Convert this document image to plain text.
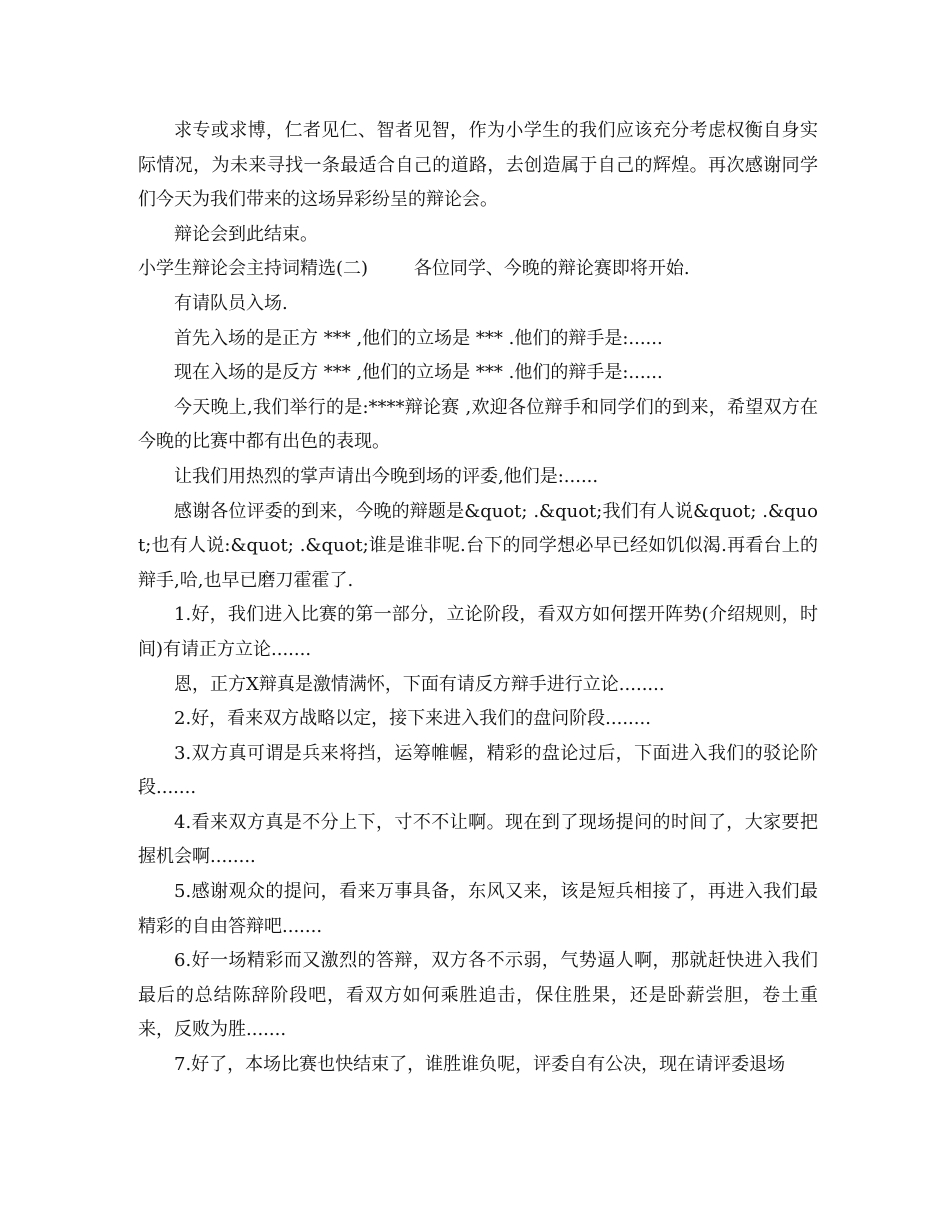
求专或求博，仁者见仁、智者见智，作为小学生的我们应该充分考虑权衡自身实际情况，为未来寻找一条最适合自己的道路，去创造属于自己的辉煌。再次感谢同学们今天为我们带来的这场异彩纷呈的辩论会。

辩论会到此结束。

小学生辩论会主持词精选(二)	各位同学、今晚的辩论赛即将开始.

有请队员入场.

首先入场的是正方 *** ,他们的立场是 *** .他们的辩手是:......

现在入场的是反方 *** ,他们的立场是 *** .他们的辩手是:......

今天晚上,我们举行的是:****辩论赛 ,欢迎各位辩手和同学们的到来，希望双方在今晚的比赛中都有出色的表现。

让我们用热烈的掌声请出今晚到场的评委,他们是:......

感谢各位评委的到来，今晚的辩题是&quot; .&quot;我们有人说&quot; .&quot;也有人说:&quot; .&quot;谁是谁非呢.台下的同学想必早已经如饥似渴.再看台上的辩手,哈,也早已磨刀霍霍了.

1.好，我们进入比赛的第一部分，立论阶段，看双方如何摆开阵势(介绍规则，时间)有请正方立论.......

恩，正方X辩真是激情满怀，下面有请反方辩手进行立论........

2.好，看来双方战略以定，接下来进入我们的盘问阶段........

3.双方真可谓是兵来将挡，运筹帷幄，精彩的盘论过后，下面进入我们的驳论阶段.......

4.看来双方真是不分上下，寸不不让啊。现在到了现场提问的时间了，大家要把握机会啊........

5.感谢观众的提问，看来万事具备，东风又来，该是短兵相接了，再进入我们最精彩的自由答辩吧.......

6.好一场精彩而又激烈的答辩，双方各不示弱，气势逼人啊，那就赶快进入我们最后的总结陈辞阶段吧，看双方如何乘胜追击，保住胜果，还是卧薪尝胆，卷土重来，反败为胜.......

7.好了，本场比赛也快结束了，谁胜谁负呢，评委自有公决，现在请评委退场
